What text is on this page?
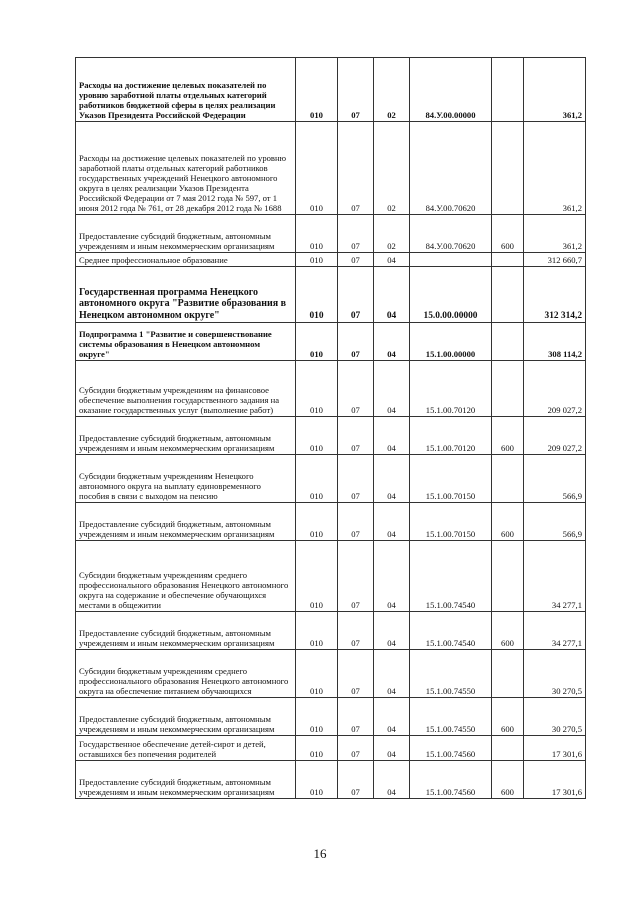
Расходы на достижение целевых показателей по уровню заработной платы отдельных категорий работников бюджетной сферы в целях реализации Указов Президента Российской Федерации	010	07	02	84.У.00.00000		361,2
Расходы на достижение целевых показателей по уровню заработной платы отдельных категорий работников государственных учреждений Ненецкого автономного округа в целях реализации Указов Президента Российской Федерации от 7 мая 2012 года № 597, от 1 июня 2012 года № 761, от 28 декабря 2012 года № 1688	010	07	02	84.У.00.70620		361,2
Предоставление субсидий бюджетным, автономным учреждениям и иным некоммерческим организациям	010	07	02	84.У.00.70620	600	361,2
Среднее профессиональное образование	010	07	04			312 660,7
Государственная программа Ненецкого автономного округа "Развитие образования в Ненецком автономном округе"	010	07	04	15.0.00.00000		312 314,2
Подпрограмма 1 "Развитие и совершенствование системы образования в Ненецком автономном округе"	010	07	04	15.1.00.00000		308 114,2
Субсидии бюджетным учреждениям на финансовое обеспечение выполнения государственного задания на оказание государственных услуг (выполнение работ)	010	07	04	15.1.00.70120		209 027,2
Предоставление субсидий бюджетным, автономным учреждениям и иным некоммерческим организациям	010	07	04	15.1.00.70120	600	209 027,2
Субсидии бюджетным учреждениям Ненецкого автономного округа на выплату единовременного пособия в связи с выходом на пенсию	010	07	04	15.1.00.70150		566,9
Предоставление субсидий бюджетным, автономным учреждениям и иным некоммерческим организациям	010	07	04	15.1.00.70150	600	566,9
Субсидии бюджетным учреждениям среднего профессионального образования Ненецкого автономного округа на содержание и обеспечение обучающихся местами в общежитии	010	07	04	15.1.00.74540		34 277,1
Предоставление субсидий бюджетным, автономным учреждениям и иным некоммерческим организациям	010	07	04	15.1.00.74540	600	34 277,1
Субсидии бюджетным учреждениям среднего профессионального образования Ненецкого автономного округа на обеспечение питанием обучающихся	010	07	04	15.1.00.74550		30 270,5
Предоставление субсидий бюджетным, автономным учреждениям и иным некоммерческим организациям	010	07	04	15.1.00.74550	600	30 270,5
Государственное обеспечение детей-сирот и детей, оставшихся без попечения родителей	010	07	04	15.1.00.74560		17 301,6
Предоставление субсидий бюджетным, автономным учреждениям и иным некоммерческим организациям	010	07	04	15.1.00.74560	600	17 301,6
16
